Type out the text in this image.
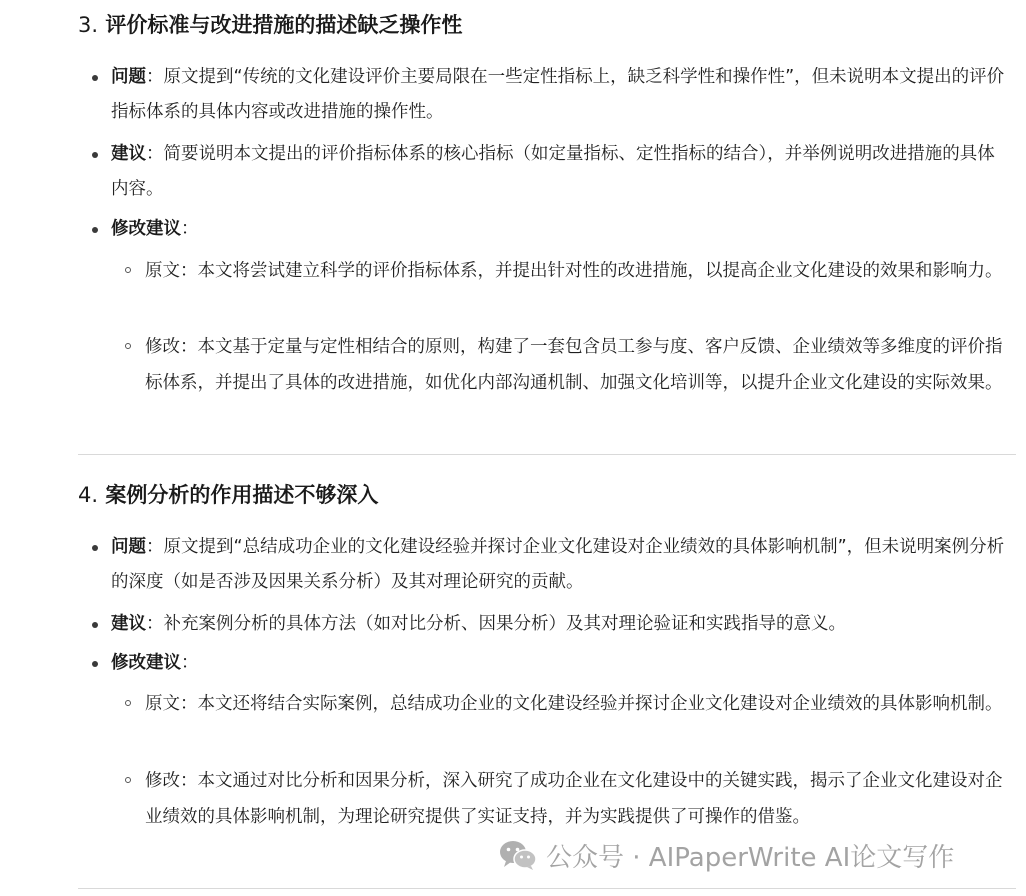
3. 评价标准与改进措施的描述缺乏操作性
问题：原文提到“传统的文化建设评价主要局限在一些定性指标上，缺乏科学性和操作性”，但未说明本文提出的评价指标体系的具体内容或改进措施的操作性。
建议：简要说明本文提出的评价指标体系的核心指标（如定量指标、定性指标的结合），并举例说明改进措施的具体内容。
修改建议：
原文：本文将尝试建立科学的评价指标体系，并提出针对性的改进措施，以提高企业文化建设的效果和影响力。
修改：本文基于定量与定性相结合的原则，构建了一套包含员工参与度、客户反馈、企业绩效等多维度的评价指标体系，并提出了具体的改进措施，如优化内部沟通机制、加强文化培训等，以提升企业文化建设的实际效果。
4. 案例分析的作用描述不够深入
问题：原文提到“总结成功企业的文化建设经验并探讨企业文化建设对企业绩效的具体影响机制”，但未说明案例分析的深度（如是否涉及因果关系分析）及其对理论研究的贡献。
建议：补充案例分析的具体方法（如对比分析、因果分析）及其对理论验证和实践指导的意义。
修改建议：
原文：本文还将结合实际案例，总结成功企业的文化建设经验并探讨企业文化建设对企业绩效的具体影响机制。
修改：本文通过对比分析和因果分析，深入研究了成功企业在文化建设中的关键实践，揭示了企业文化建设对企业绩效的具体影响机制，为理论研究提供了实证支持，并为实践提供了可操作的借鉴。
公众号 · AIPaperWrite AI论文写作
